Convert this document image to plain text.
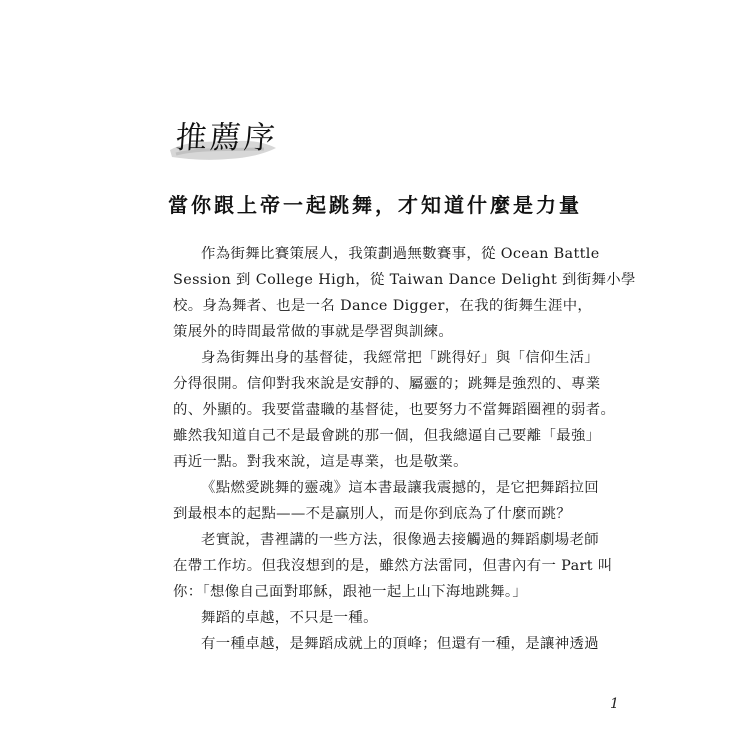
推薦序
當你跟上帝一起跳舞，才知道什麼是力量
作為街舞比賽策展人，我策劃過無數賽事，從 Ocean Battle
Session 到 College High，從 Taiwan Dance Delight 到街舞小學
校。身為舞者、也是一名 Dance Digger，在我的街舞生涯中，
策展外的時間最常做的事就是學習與訓練。
身為街舞出身的基督徒，我經常把「跳得好」與「信仰生活」
分得很開。信仰對我來說是安靜的、屬靈的；跳舞是強烈的、專業
的、外顯的。我要當盡職的基督徒，也要努力不當舞蹈圈裡的弱者。
雖然我知道自己不是最會跳的那一個，但我總逼自己要離「最強」
再近一點。對我來說，這是專業，也是敬業。
《點燃愛跳舞的靈魂》這本書最讓我震撼的，是它把舞蹈拉回
到最根本的起點——不是贏別人，而是你到底為了什麼而跳？
老實說，書裡講的一些方法，很像過去接觸過的舞蹈劇場老師
在帶工作坊。但我沒想到的是，雖然方法雷同，但書內有一 Part 叫
你：「想像自己面對耶穌，跟祂一起上山下海地跳舞。」
舞蹈的卓越，不只是一種。
有一種卓越，是舞蹈成就上的頂峰；但還有一種，是讓神透過
1
